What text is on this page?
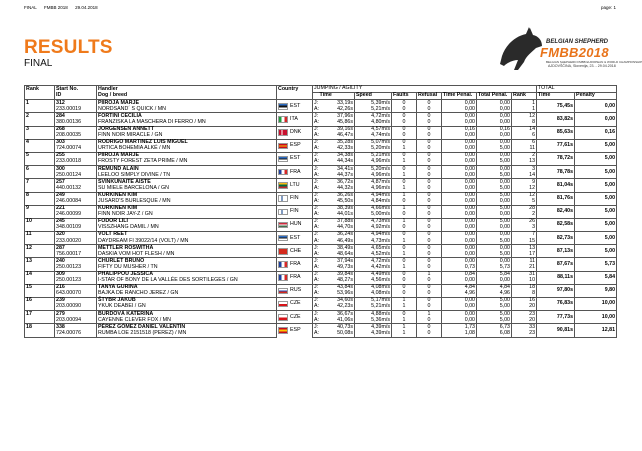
FINAL FMBB 2018 29.04.2018	page: 1
RESULTS
FINAL
BELGIAN SHEPHERD
FMBB2018
BELGIAN SHEPHERD FMBB EUROPEAN & WORLD CHAMPIONSHIP
AJDOVŠČINA, Slovenija, 23. - 29.04.2018
Rank	Start No.	Handler	Country	JUMPING / AGILITY								TOTAL	
	ID	Dog / breed			Time	Speed	Faults	Refusal	Time Penal.	Total Penal.	Rank	Time	Penalty
1	312	PIIROJA MARJE	EST	J:	33,19s	5,39m/s	0	0	0,00	0,00	1	75,45s	0,00
	233.00019	NORDSAND´ S QUICK / MN		A:	42,26s	5,21m/s	0	0	0,00	0,00	1		
2	284	FORTINI CECILIA	ITA	J:	37,96s	4,72m/s	0	0	0,00	0,00	12	83,82s	0,00
	380.00136	FRANZISKA LA MASCHERA DI FERRO / MN		A:	45,86s	4,80m/s	0	0	0,00	0,00	8		
3	268	JORGENSEN ANNETT	DNK	J:	39,16s	4,57m/s	0	0	0,16	0,16	14	85,63s	0,16
	208.00035	FINN NOIR MIRACLE / GN		A:	46,47s	4,74m/s	0	0	0,00	0,00	6		
4	303	RODRIGO MARTINEZ LUIS MIGUEL	ESP	J:	35,28s	5,07m/s	0	0	0,00	0,00	6	77,61s	5,00
	724.00074	URTICA BOHEMIA ALKÉ / MN		A:	42,33s	5,20m/s	1	0	0,00	5,00	11		
5	255	PIIROJA MARJE	EST	J:	34,38s	5,21m/s	0	0	0,00	0,00	2	78,72s	5,00
	233.00018	FROSTY FOREST ZETA PRIME / MN		A:	44,34s	4,96m/s	1	0	0,00	5,00	13		
6	300	REMUND ALAIN	FRA	J:	34,41s	5,20m/s	0	0	0,00	0,00	3	78,78s	5,00
	250.00124	LEELOO SIMPLY DIVINE / TN		A:	44,37s	4,96m/s	1	0	0,00	5,00	14		
7	257	SVINKUNAITE AISTE	LTU	J:	36,72s	4,87m/s	0	0	0,00	0,00	9	81,04s	5,00
	440.00132	SU MIELE BARCELONA / GN		A:	44,32s	4,96m/s	1	0	0,00	5,00	12		
8	249	KURKINEN KIM	FIN	J:	36,26s	4,94m/s	1	0	0,00	5,00	12	81,76s	5,00
	246.00084	JUSARD'S BURLESQUE / MN		A:	45,50s	4,84m/s	0	0	0,00	0,00	5		
9	221	KURKINEN KIM	FIN	J:	38,39s	4,66m/s	1	0	0,00	5,00	28	82,40s	5,00
	246.00099	FINN NOIR JAY-Z / GN		A:	44,01s	5,00m/s	0	0	0,00	0,00	2		
10	245	FODOR LILI	HUN	J:	37,88s	4,73m/s	1	0	0,00	5,00	26	82,58s	5,00
	348.00109	VISSZHANG DAMIL / MN		A:	44,70s	4,92m/s	0	0	0,00	0,00	3		
11	320	VOLT REET	EST	J:	36,24s	4,94m/s	0	0	0,00	0,00	7	82,73s	5,00
	233.00020	DAYDREAM FI 39022/14 (VOLT) / MN		A:	46,49s	4,73m/s	1	0	0,00	5,00	15		
12	287	METTLER ROSWITHA	CHE	J:	38,49s	4,65m/s	0	0	0,00	0,00	13	87,13s	5,00
	756.00017	DASKIA VOM HOT FLESH / MN		A:	48,64s	4,52m/s	1	0	0,00	5,00	17		
13	240	CHURLET BRUNO	FRA	J:	37,94s	4,72m/s	0	0	0,00	0,00	11	87,67s	5,73
	250.00123	FIFTY DU MUSHER / TN		A:	49,73s	4,42m/s	1	0	0,73	5,73	21		
14	309	PHALIPPOU JESSICA	FRA	J:	39,84s	4,49m/s	0	1	0,84	5,84	31	88,11s	5,84
	250.00123	I-STAR OF BONY DE LA VALLÉE DES SORTILEGES / GN		A:	48,27s	4,56m/s	0	0	0,00	0,00	10		
15	216	TANYA GURINA	RUS	J:	43,84s	4,08m/s	0	0	4,84	4,84	18	97,80s	9,80
	643.00070	BAJKA DE RANCHO JEREZ / GN		A:	53,96s	4,08m/s	0	0	4,96	4,96	8		
16	239	ŠTYBR JAKUB	CZE	J:	34,60s	5,17m/s	1	0	0,00	5,00	16	76,83s	10,00
	203.00090	YKUK DEABEI / GN		A:	42,23s	5,21m/s	1	0	0,00	5,00	20		
17	279	BURDOVÁ KATERINA	CZE	J:	36,67s	4,88m/s	0	1	0,00	5,00	23	77,73s	10,00
	203.00094	CAYENNE CLEVER FOX / MN		A:	41,06s	5,36m/s	1	0	0,00	5,00	20		
18	338	PÉREZ GÓMEZ DANIEL VALENTÍN	ESP	J:	40,73s	4,39m/s	1	0	1,73	6,73	33	90,81s	12,81
	724.00076	RUMBA LOE 2151518 (PEREZ) / MN		A:	50,08s	4,39m/s	1	0	1,08	6,08	23		
